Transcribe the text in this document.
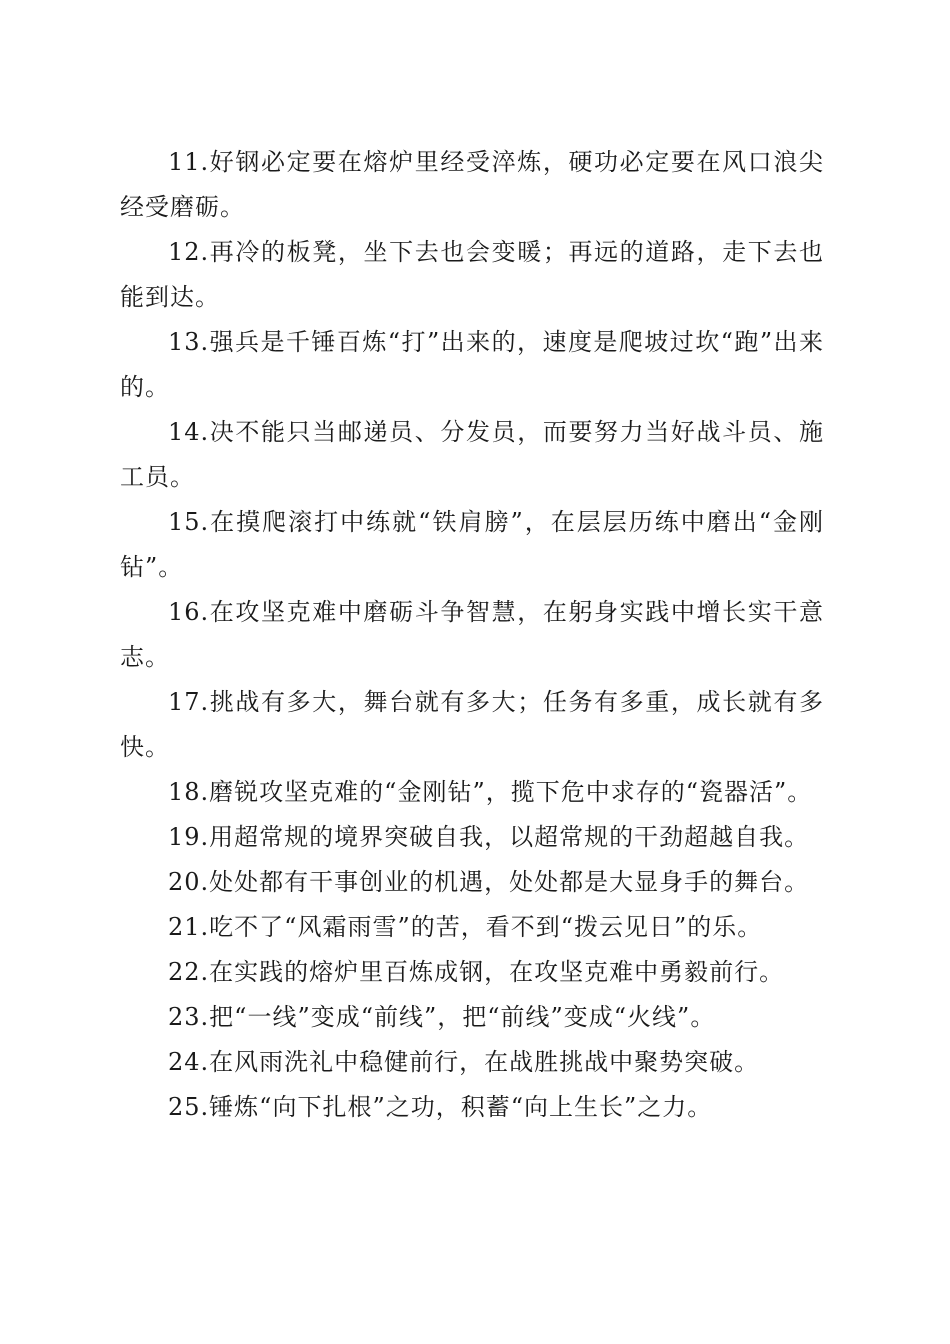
11.好钢必定要在熔炉里经受淬炼，硬功必定要在风口浪尖经受磨砺。

12.再冷的板凳，坐下去也会变暖；再远的道路，走下去也能到达。

13.强兵是千锤百炼“打”出来的，速度是爬坡过坎“跑”出来的。

14.决不能只当邮递员、分发员，而要努力当好战斗员、施工员。

15.在摸爬滚打中练就“铁肩膀”，在层层历练中磨出“金刚钻”。

16.在攻坚克难中磨砺斗争智慧，在躬身实践中增长实干意志。

17.挑战有多大，舞台就有多大；任务有多重，成长就有多快。

18.磨锐攻坚克难的“金刚钻”，揽下危中求存的“瓷器活”。

19.用超常规的境界突破自我，以超常规的干劲超越自我。

20.处处都有干事创业的机遇，处处都是大显身手的舞台。

21.吃不了“风霜雨雪”的苦，看不到“拨云见日”的乐。

22.在实践的熔炉里百炼成钢，在攻坚克难中勇毅前行。

23.把“一线”变成“前线”，把“前线”变成“火线”。

24.在风雨洗礼中稳健前行，在战胜挑战中聚势突破。

25.锤炼“向下扎根”之功，积蓄“向上生长”之力。
